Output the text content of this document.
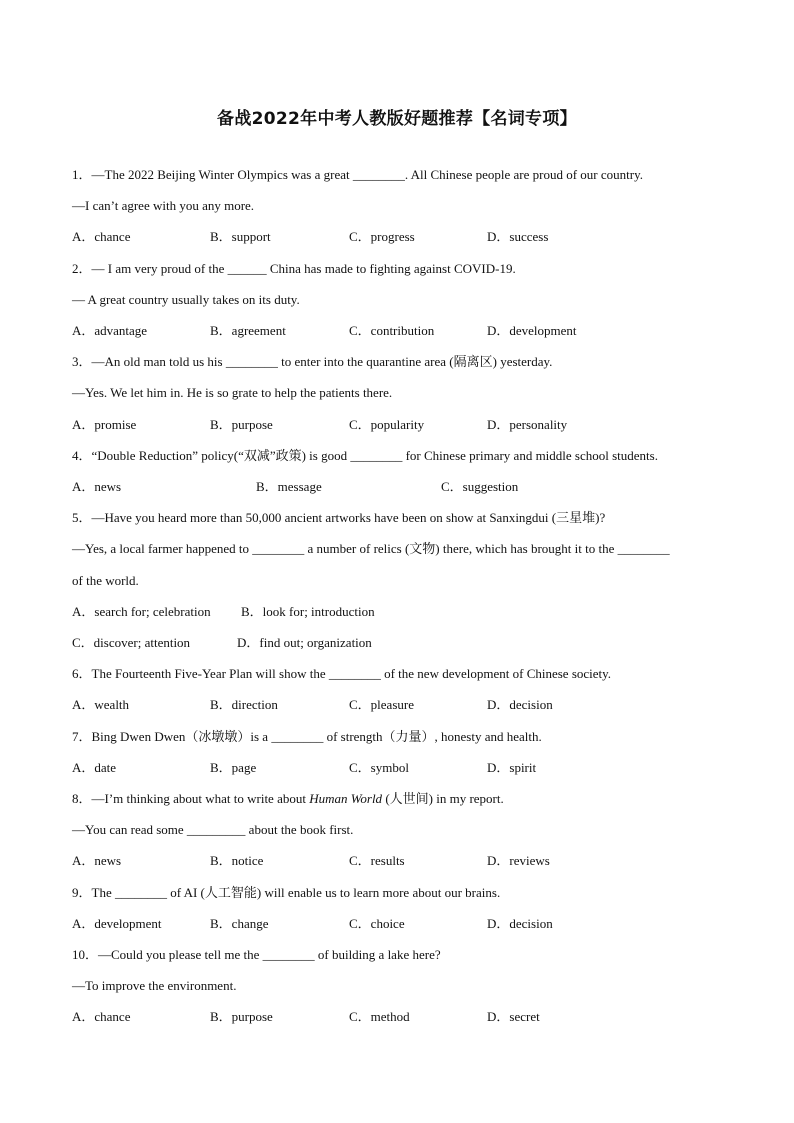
备战2022年中考人教版好题推荐【名词专项】
1．—The 2022 Beijing Winter Olympics was a great ________. All Chinese people are proud of our country.
—I can’t agree with you any more.
A．chance	B．support	C．progress	D．success
2．— I am very proud of the ______ China has made to fighting against COVID-19.
— A great country usually takes on its duty.
A．advantage	B．agreement	C．contribution	D．development
3．—An old man told us his ________ to enter into the quarantine area (隔离区) yesterday.
—Yes. We let him in. He is so grate to help the patients there.
A．promise	B．purpose	C．popularity	D．personality
4．“Double Reduction” policy(“双减”政策) is good ________ for Chinese primary and middle school students.
A．news	B．message	C．suggestion
5．—Have you heard more than 50,000 ancient artworks have been on show at Sanxingdui (三星堆)?
—Yes, a local farmer happened to ________ a number of relics (文物) there, which has brought it to the ________
of the world.
A．search for; celebration B．look for; introduction
C．discover; attention	D．find out; organization
6．The Fourteenth Five-Year Plan will show the ________ of the new development of Chinese society.
A．wealth	B．direction	C．pleasure	D．decision
7．Bing Dwen Dwen（冰墩墩）is a ________ of strength（力量）, honesty and health.
A．date	B．page	C．symbol	D．spirit
8．—I’m thinking about what to write about Human World (人世间) in my report.
—You can read some _________ about the book first.
A．news	B．notice	C．results	D．reviews
9．The ________ of AI (人工智能) will enable us to learn more about our brains.
A．development	B．change	C．choice	D．decision
10．—Could you please tell me the ________ of building a lake here?
—To improve the environment.
A．chance	B．purpose	C．method	D．secret
